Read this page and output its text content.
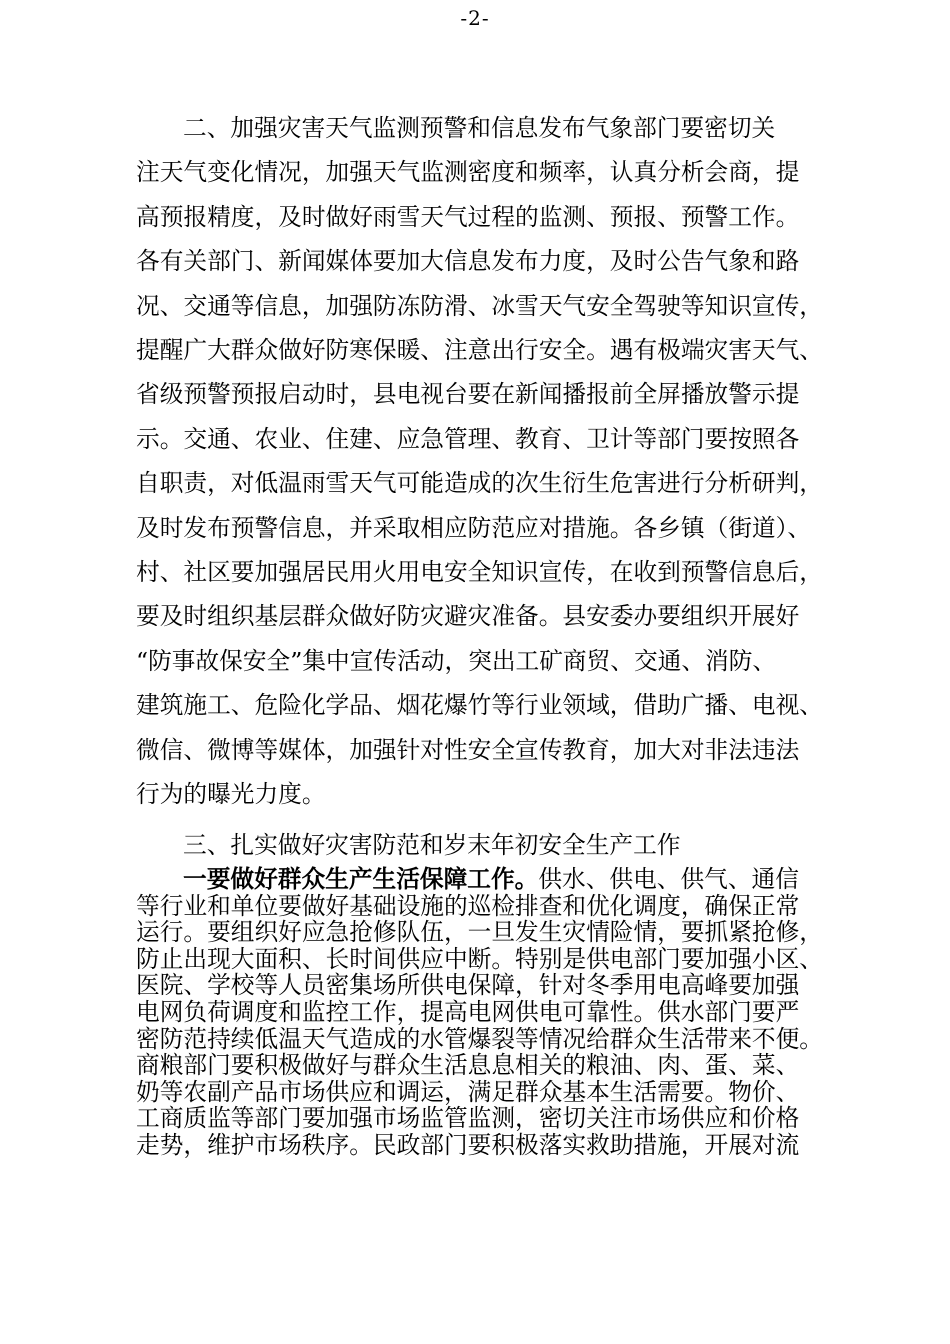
-2-
二、加强灾害天气监测预警和信息发布气象部门要密切关
注天气变化情况，加强天气监测密度和频率，认真分析会商，提
高预报精度，及时做好雨雪天气过程的监测、预报、预警工作。
各有关部门、新闻媒体要加大信息发布力度，及时公告气象和路
况、交通等信息，加强防冻防滑、冰雪天气安全驾驶等知识宣传，
提醒广大群众做好防寒保暖、注意出行安全。遇有极端灾害天气、
省级预警预报启动时，县电视台要在新闻播报前全屏播放警示提
示。交通、农业、住建、应急管理、教育、卫计等部门要按照各
自职责，对低温雨雪天气可能造成的次生衍生危害进行分析研判，
及时发布预警信息，并采取相应防范应对措施。各乡镇（街道）、
村、社区要加强居民用火用电安全知识宣传，在收到预警信息后，
要及时组织基层群众做好防灾避灾准备。县安委办要组织开展好
“防事故保安全”集中宣传活动，突出工矿商贸、交通、消防、
建筑施工、危险化学品、烟花爆竹等行业领域，借助广播、电视、
微信、微博等媒体，加强针对性安全宣传教育，加大对非法违法
行为的曝光力度。
三、扎实做好灾害防范和岁末年初安全生产工作
一要做好群众生产生活保障工作。供水、供电、供气、通信
等行业和单位要做好基础设施的巡检排查和优化调度，确保正常
运行。要组织好应急抢修队伍，一旦发生灾情险情，要抓紧抢修，
防止出现大面积、长时间供应中断。特别是供电部门要加强小区、
医院、学校等人员密集场所供电保障，针对冬季用电高峰要加强
电网负荷调度和监控工作，提高电网供电可靠性。供水部门要严
密防范持续低温天气造成的水管爆裂等情况给群众生活带来不便。
商粮部门要积极做好与群众生活息息相关的粮油、肉、蛋、菜、
奶等农副产品市场供应和调运，满足群众基本生活需要。物价、
工商质监等部门要加强市场监管监测，密切关注市场供应和价格
走势，维护市场秩序。民政部门要积极落实救助措施，开展对流
